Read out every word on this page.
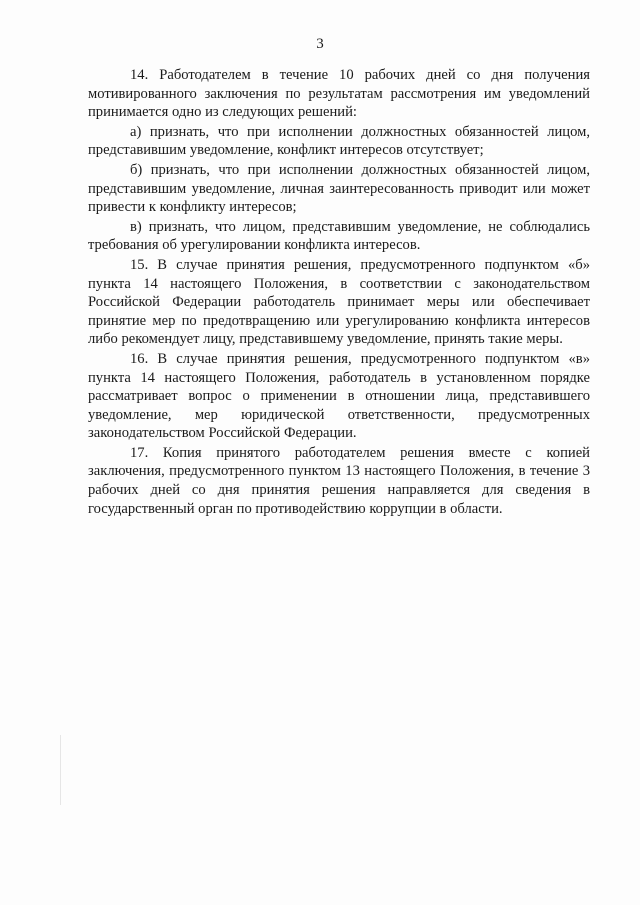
3

14. Работодателем в течение 10 рабочих дней со дня получения мотивированного заключения по результатам рассмотрения им уведомлений принимается одно из следующих решений:

а) признать, что при исполнении должностных обязанностей лицом, представившим уведомление, конфликт интересов отсутствует;

б) признать, что при исполнении должностных обязанностей лицом, представившим уведомление, личная заинтересованность приводит или может привести к конфликту интересов;

в) признать, что лицом, представившим уведомление, не соблюдались требования об урегулировании конфликта интересов.

15. В случае принятия решения, предусмотренного подпунктом «б» пункта 14 настоящего Положения, в соответствии с законодательством Российской Федерации работодатель принимает меры или обеспечивает принятие мер по предотвращению или урегулированию конфликта интересов либо рекомендует лицу, представившему уведомление, принять такие меры.

16. В случае принятия решения, предусмотренного подпунктом «в» пункта 14 настоящего Положения, работодатель в установленном порядке рассматривает вопрос о применении в отношении лица, представившего уведомление, мер юридической ответственности, предусмотренных законодательством Российской Федерации.

17. Копия принятого работодателем решения вместе с копией заключения, предусмотренного пунктом 13 настоящего Положения, в течение 3 рабочих дней со дня принятия решения направляется для сведения в государственный орган по противодействию коррупции в области.
